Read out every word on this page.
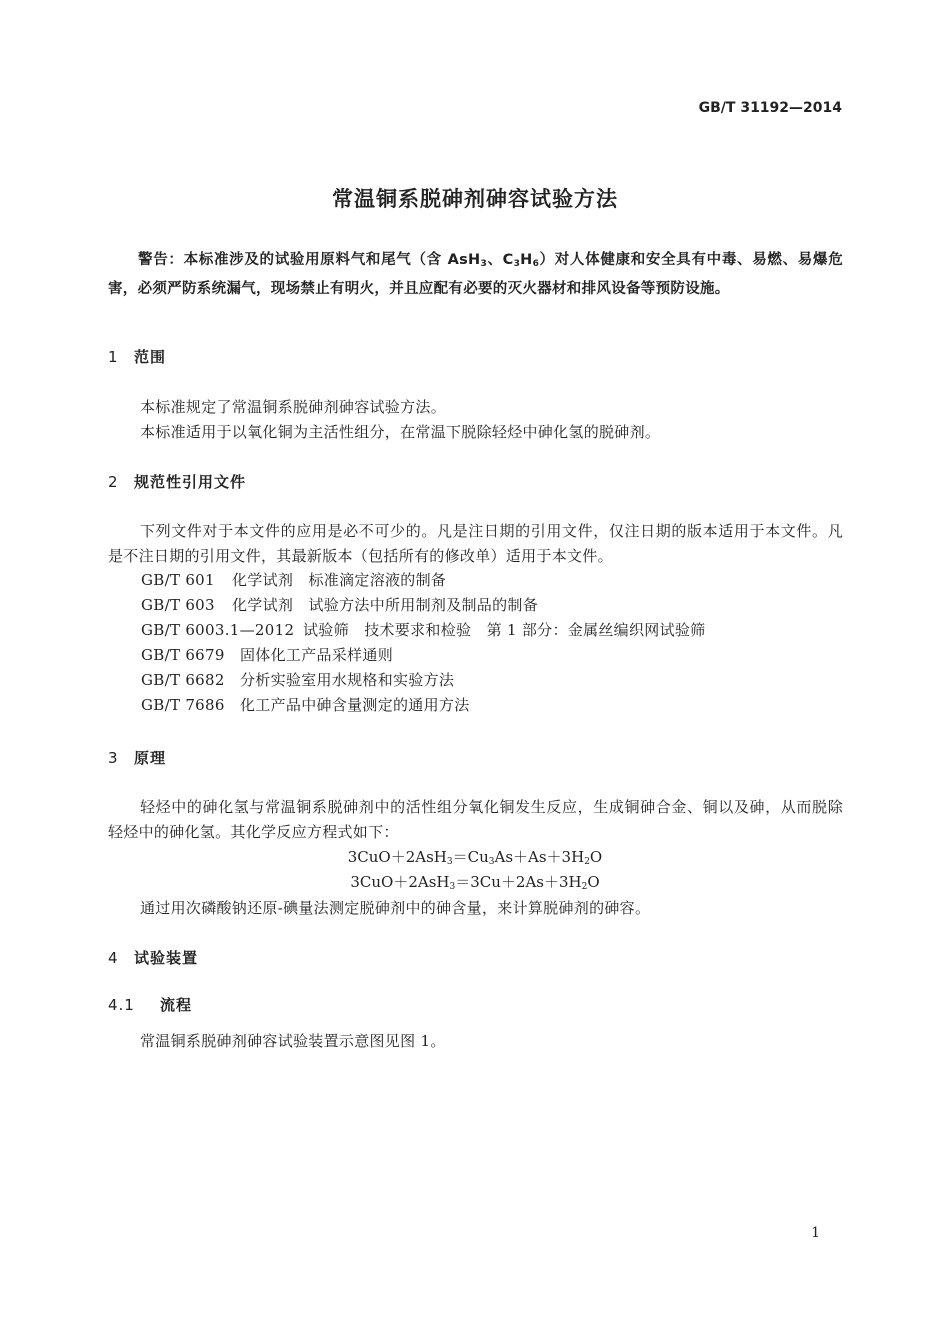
GB/T 31192—2014
常温铜系脱砷剂砷容试验方法
警告：本标准涉及的试验用原料气和尾气（含 AsH$_3$、$C_3H_6$）对人体健康和安全具有中毒、易燃、易爆危害，必须严防系统漏气，现场禁止有明火，并且应配有必要的灭火器材和排风设备等预防设施。
1 范围
本标准规定了常温铜系脱砷剂砷容试验方法。
本标准适用于以氧化铜为主活性组分，在常温下脱除轻烃中砷化氢的脱砷剂。
2 规范性引用文件
下列文件对于本文件的应用是必不可少的。凡是注日期的引用文件，仅注日期的版本适用于本文件。凡是不注日期的引用文件，其最新版本（包括所有的修改单）适用于本文件。
GB/T 601 化学试剂　标准滴定溶液的制备
GB/T 603 化学试剂　试验方法中所用制剂及制品的制备
GB/T 6003.1—2012 试验筛　技术要求和检验　第 1 部分：金属丝编织网试验筛
GB/T 6679 固体化工产品采样通则
GB/T 6682 分析实验室用水规格和实验方法
GB/T 7686 化工产品中砷含量测定的通用方法
3 原理
轻烃中的砷化氢与常温铜系脱砷剂中的活性组分氧化铜发生反应，生成铜砷合金、铜以及砷，从而脱除轻烃中的砷化氢。其化学反应方程式如下：
$3CuO+2AsH_3=Cu_3As+As+3H_2O$
$3CuO+2AsH_3=3Cu+2As+3H_2O$
通过用次磷酸钠还原-碘量法测定脱砷剂中的砷含量，来计算脱砷剂的砷容。
4 试验装置
4.1 流程
常温铜系脱砷剂砷容试验装置示意图见图 1。
1
